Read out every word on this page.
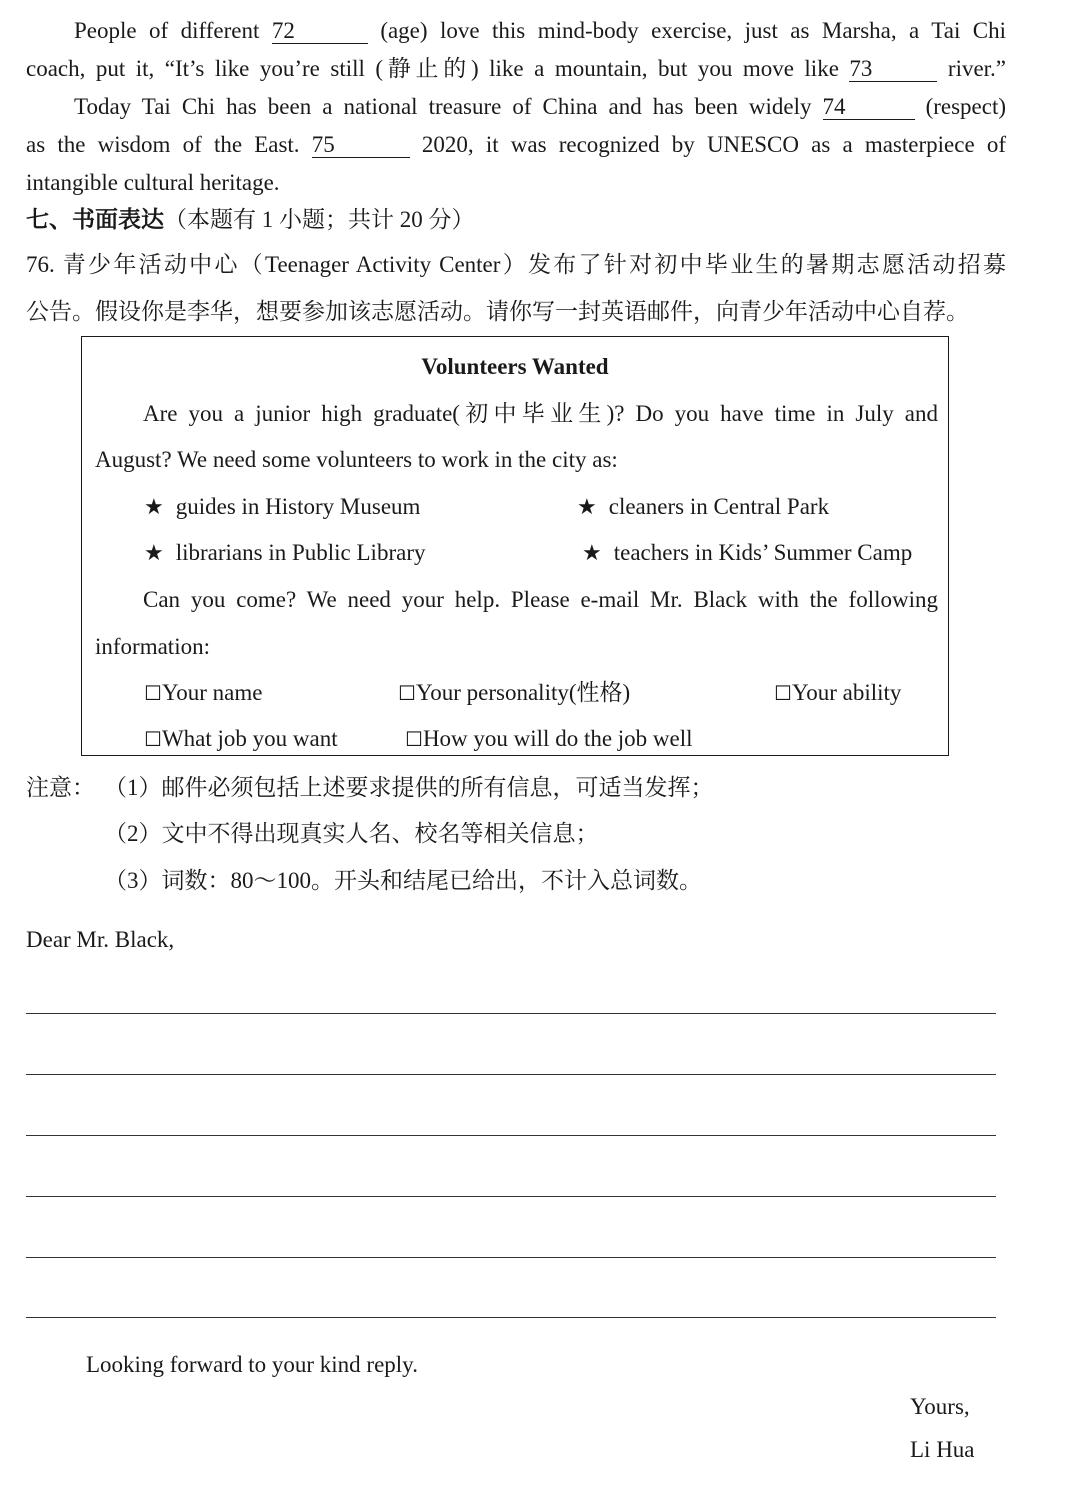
People of different 72	(age) love this mind-body exercise, just as Marsha, a Tai Chi
coach, put it, “It’s like you’re still (静止的) like a mountain, but you move like 73	river.”
Today Tai Chi has been a national treasure of China and has been widely 74	(respect)
as the wisdom of the East. 75	2020, it was recognized by UNESCO as a masterpiece of
intangible cultural heritage.
七、书面表达（本题有 1 小题；共计 20 分）
76. 青少年活动中心（Teenager Activity Center）发布了针对初中毕业生的暑期志愿活动招募
公告。假设你是李华，想要参加该志愿活动。请你写一封英语邮件，向青少年活动中心自荐。
Volunteers Wanted
Are you a junior high graduate(初中毕业生)? Do you have time in July and
August? We need some volunteers to work in the city as:
★ guides in History Museum	★ cleaners in Central Park
★ librarians in Public Library	★ teachers in Kids’ Summer Camp
Can you come? We need your help. Please e-mail Mr. Black with the following
information:
☐Your name	☐Your personality(性格)	☐Your ability
☐What job you want	☐How you will do the job well
注意： （1）邮件必须包括上述要求提供的所有信息，可适当发挥；
（2）文中不得出现真实人名、校名等相关信息；
（3）词数：80～100。开头和结尾已给出，不计入总词数。
Dear Mr. Black,
Looking forward to your kind reply.
Yours,
Li Hua
